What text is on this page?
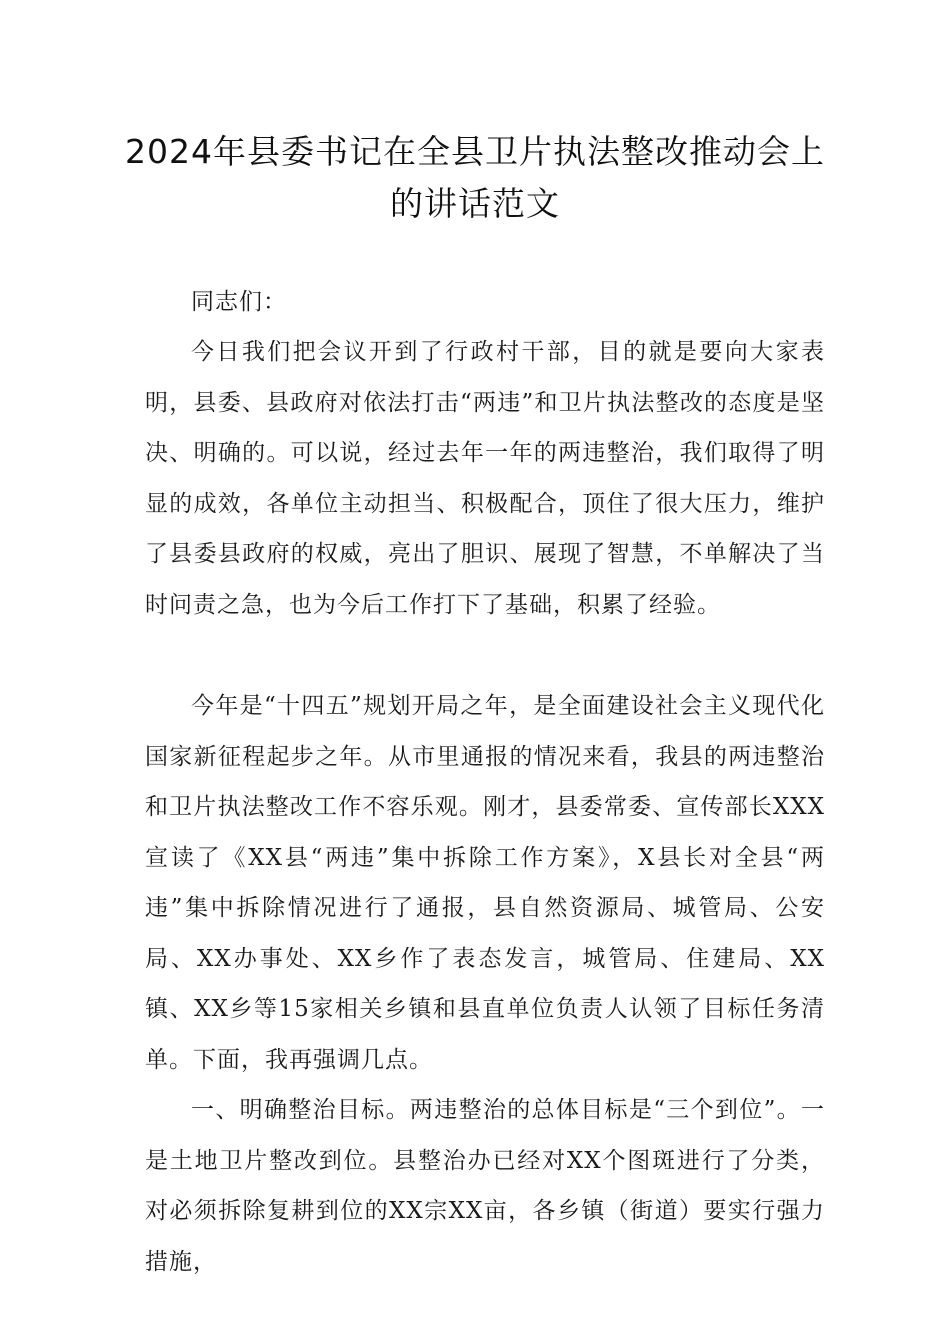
2024年县委书记在全县卫片执法整改推动会上的讲话范文

同志们：

今日我们把会议开到了行政村干部，目的就是要向大家表明，县委、县政府对依法打击“两违”和卫片执法整改的态度是坚决、明确的。可以说，经过去年一年的两违整治，我们取得了明显的成效，各单位主动担当、积极配合，顶住了很大压力，维护了县委县政府的权威，亮出了胆识、展现了智慧，不单解决了当时问责之急，也为今后工作打下了基础，积累了经验。

今年是“十四五”规划开局之年，是全面建设社会主义现代化国家新征程起步之年。从市里通报的情况来看，我县的两违整治和卫片执法整改工作不容乐观。刚才，县委常委、宣传部长XXX宣读了《XX县“两违”集中拆除工作方案》，X县长对全县“两违”集中拆除情况进行了通报，县自然资源局、城管局、公安局、XX办事处、XX乡作了表态发言，城管局、住建局、XX镇、XX乡等15家相关乡镇和县直单位负责人认领了目标任务清单。下面，我再强调几点。

一、明确整治目标。两违整治的总体目标是“三个到位”。一是土地卫片整改到位。县整治办已经对XX个图斑进行了分类，对必须拆除复耕到位的XX宗XX亩，各乡镇（街道）要实行强力措施，
